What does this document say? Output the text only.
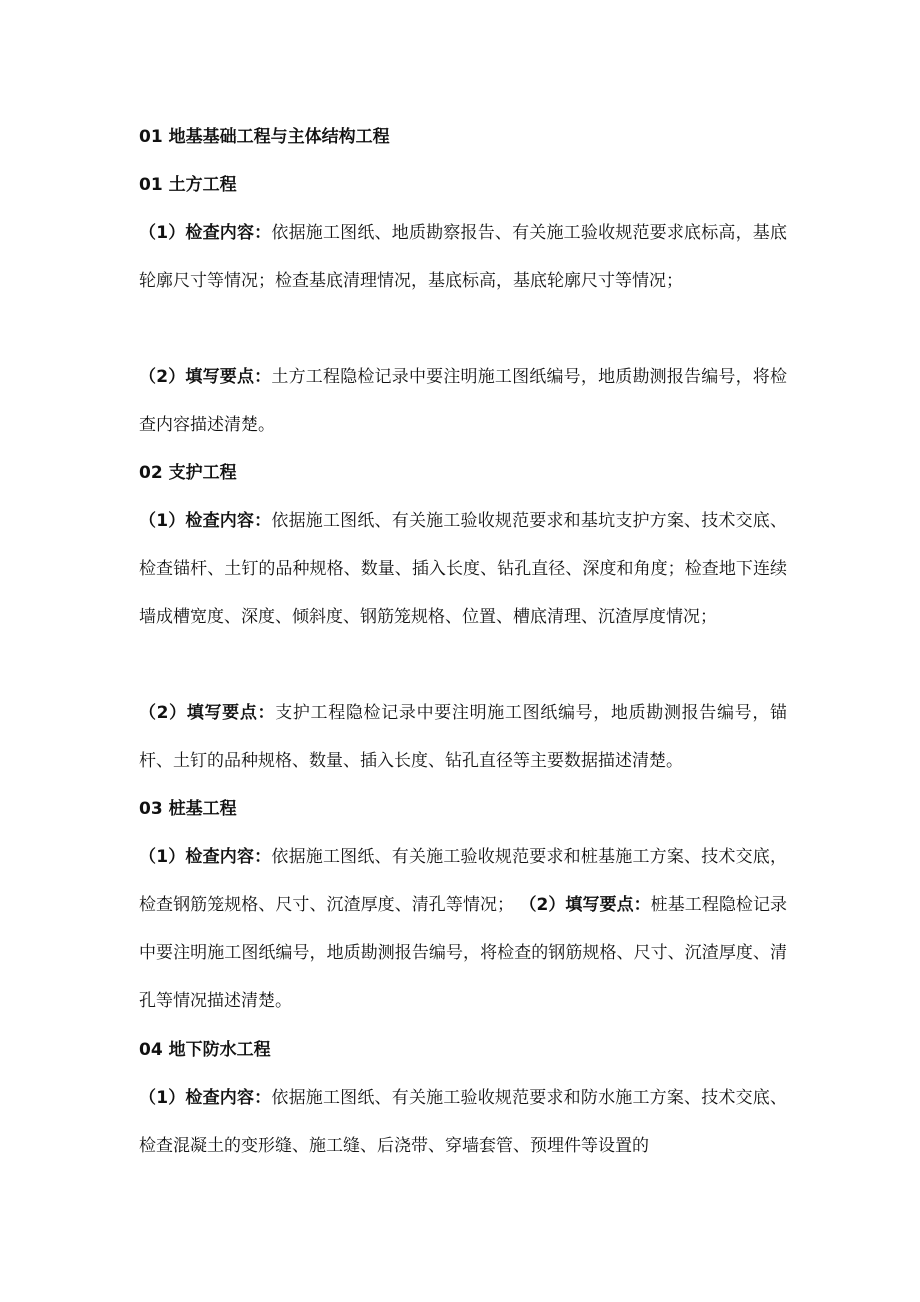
01 地基基础工程与主体结构工程
01 土方工程
（1）检查内容：依据施工图纸、地质勘察报告、有关施工验收规范要求底标高，基底轮廓尺寸等情况；检查基底清理情况，基底标高，基底轮廓尺寸等情况；
（2）填写要点：土方工程隐检记录中要注明施工图纸编号，地质勘测报告编号，将检查内容描述清楚。
02 支护工程
（1）检查内容：依据施工图纸、有关施工验收规范要求和基坑支护方案、技术交底、检查锚杆、土钉的品种规格、数量、插入长度、钻孔直径、深度和角度；检查地下连续墙成槽宽度、深度、倾斜度、钢筋笼规格、位置、槽底清理、沉渣厚度情况；
（2）填写要点：支护工程隐检记录中要注明施工图纸编号，地质勘测报告编号，锚杆、土钉的品种规格、数量、插入长度、钻孔直径等主要数据描述清楚。
03 桩基工程
（1）检查内容：依据施工图纸、有关施工验收规范要求和桩基施工方案、技术交底，检查钢筋笼规格、尺寸、沉渣厚度、清孔等情况； （2）填写要点：桩基工程隐检记录中要注明施工图纸编号，地质勘测报告编号，将检查的钢筋规格、尺寸、沉渣厚度、清孔等情况描述清楚。
04 地下防水工程
（1）检查内容：依据施工图纸、有关施工验收规范要求和防水施工方案、技术交底、检查混凝土的变形缝、施工缝、后浇带、穿墙套管、预埋件等设置的
